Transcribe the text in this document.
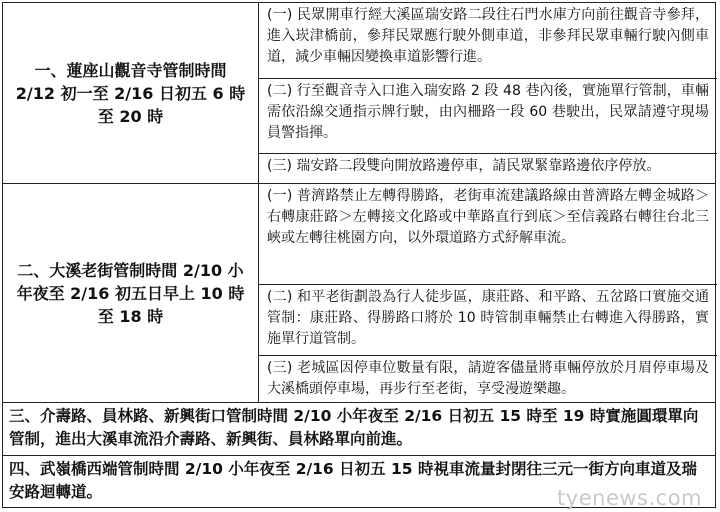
一、蓮座山觀音寺管制時間
2/12 初一至 2/16 日初五 6 時
至 20 時
(一) 民眾開車行經大溪區瑞安路二段往石門水庫方向前往觀音寺參拜，進入崁津橋前，參拜民眾應行駛外側車道，非參拜民眾車輛行駛內側車道，減少車輛因變換車道影響行進。
(二) 行至觀音寺入口進入瑞安路 2 段 48 巷內後，實施單行管制，車輛需依沿線交通指示牌行駛，由內柵路一段 60 巷駛出，民眾請遵守現場員警指揮。
(三) 瑞安路二段雙向開放路邊停車，請民眾緊靠路邊依序停放。
二、大溪老街管制時間 2/10 小
年夜至 2/16 初五日早上 10 時
至 18 時
(一) 普濟路禁止左轉得勝路，老街車流建議路線由普濟路左轉金城路＞右轉康莊路＞左轉接文化路或中華路直行到底＞至信義路右轉往台北三峽或左轉往桃園方向，以外環道路方式紓解車流。
(二) 和平老街劃設為行人徒步區，康莊路、和平路、五岔路口實施交通管制：康莊路、得勝路口將於 10 時管制車輛禁止右轉進入得勝路，實施單行道管制。
(三) 老城區因停車位數量有限，請遊客儘量將車輛停放於月眉停車場及大溪橋頭停車場，再步行至老街，享受漫遊樂趣。
三、介壽路、員林路、新興街口管制時間 2/10 小年夜至 2/16 日初五 15 時至 19 時實施圓環單向管制，進出大溪車流沿介壽路、新興街、員林路單向前進。
四、武嶺橋西端管制時間 2/10 小年夜至 2/16 日初五 15 時視車流量封閉往三元一街方向車道及瑞安路迴轉道。	tyenews.com
